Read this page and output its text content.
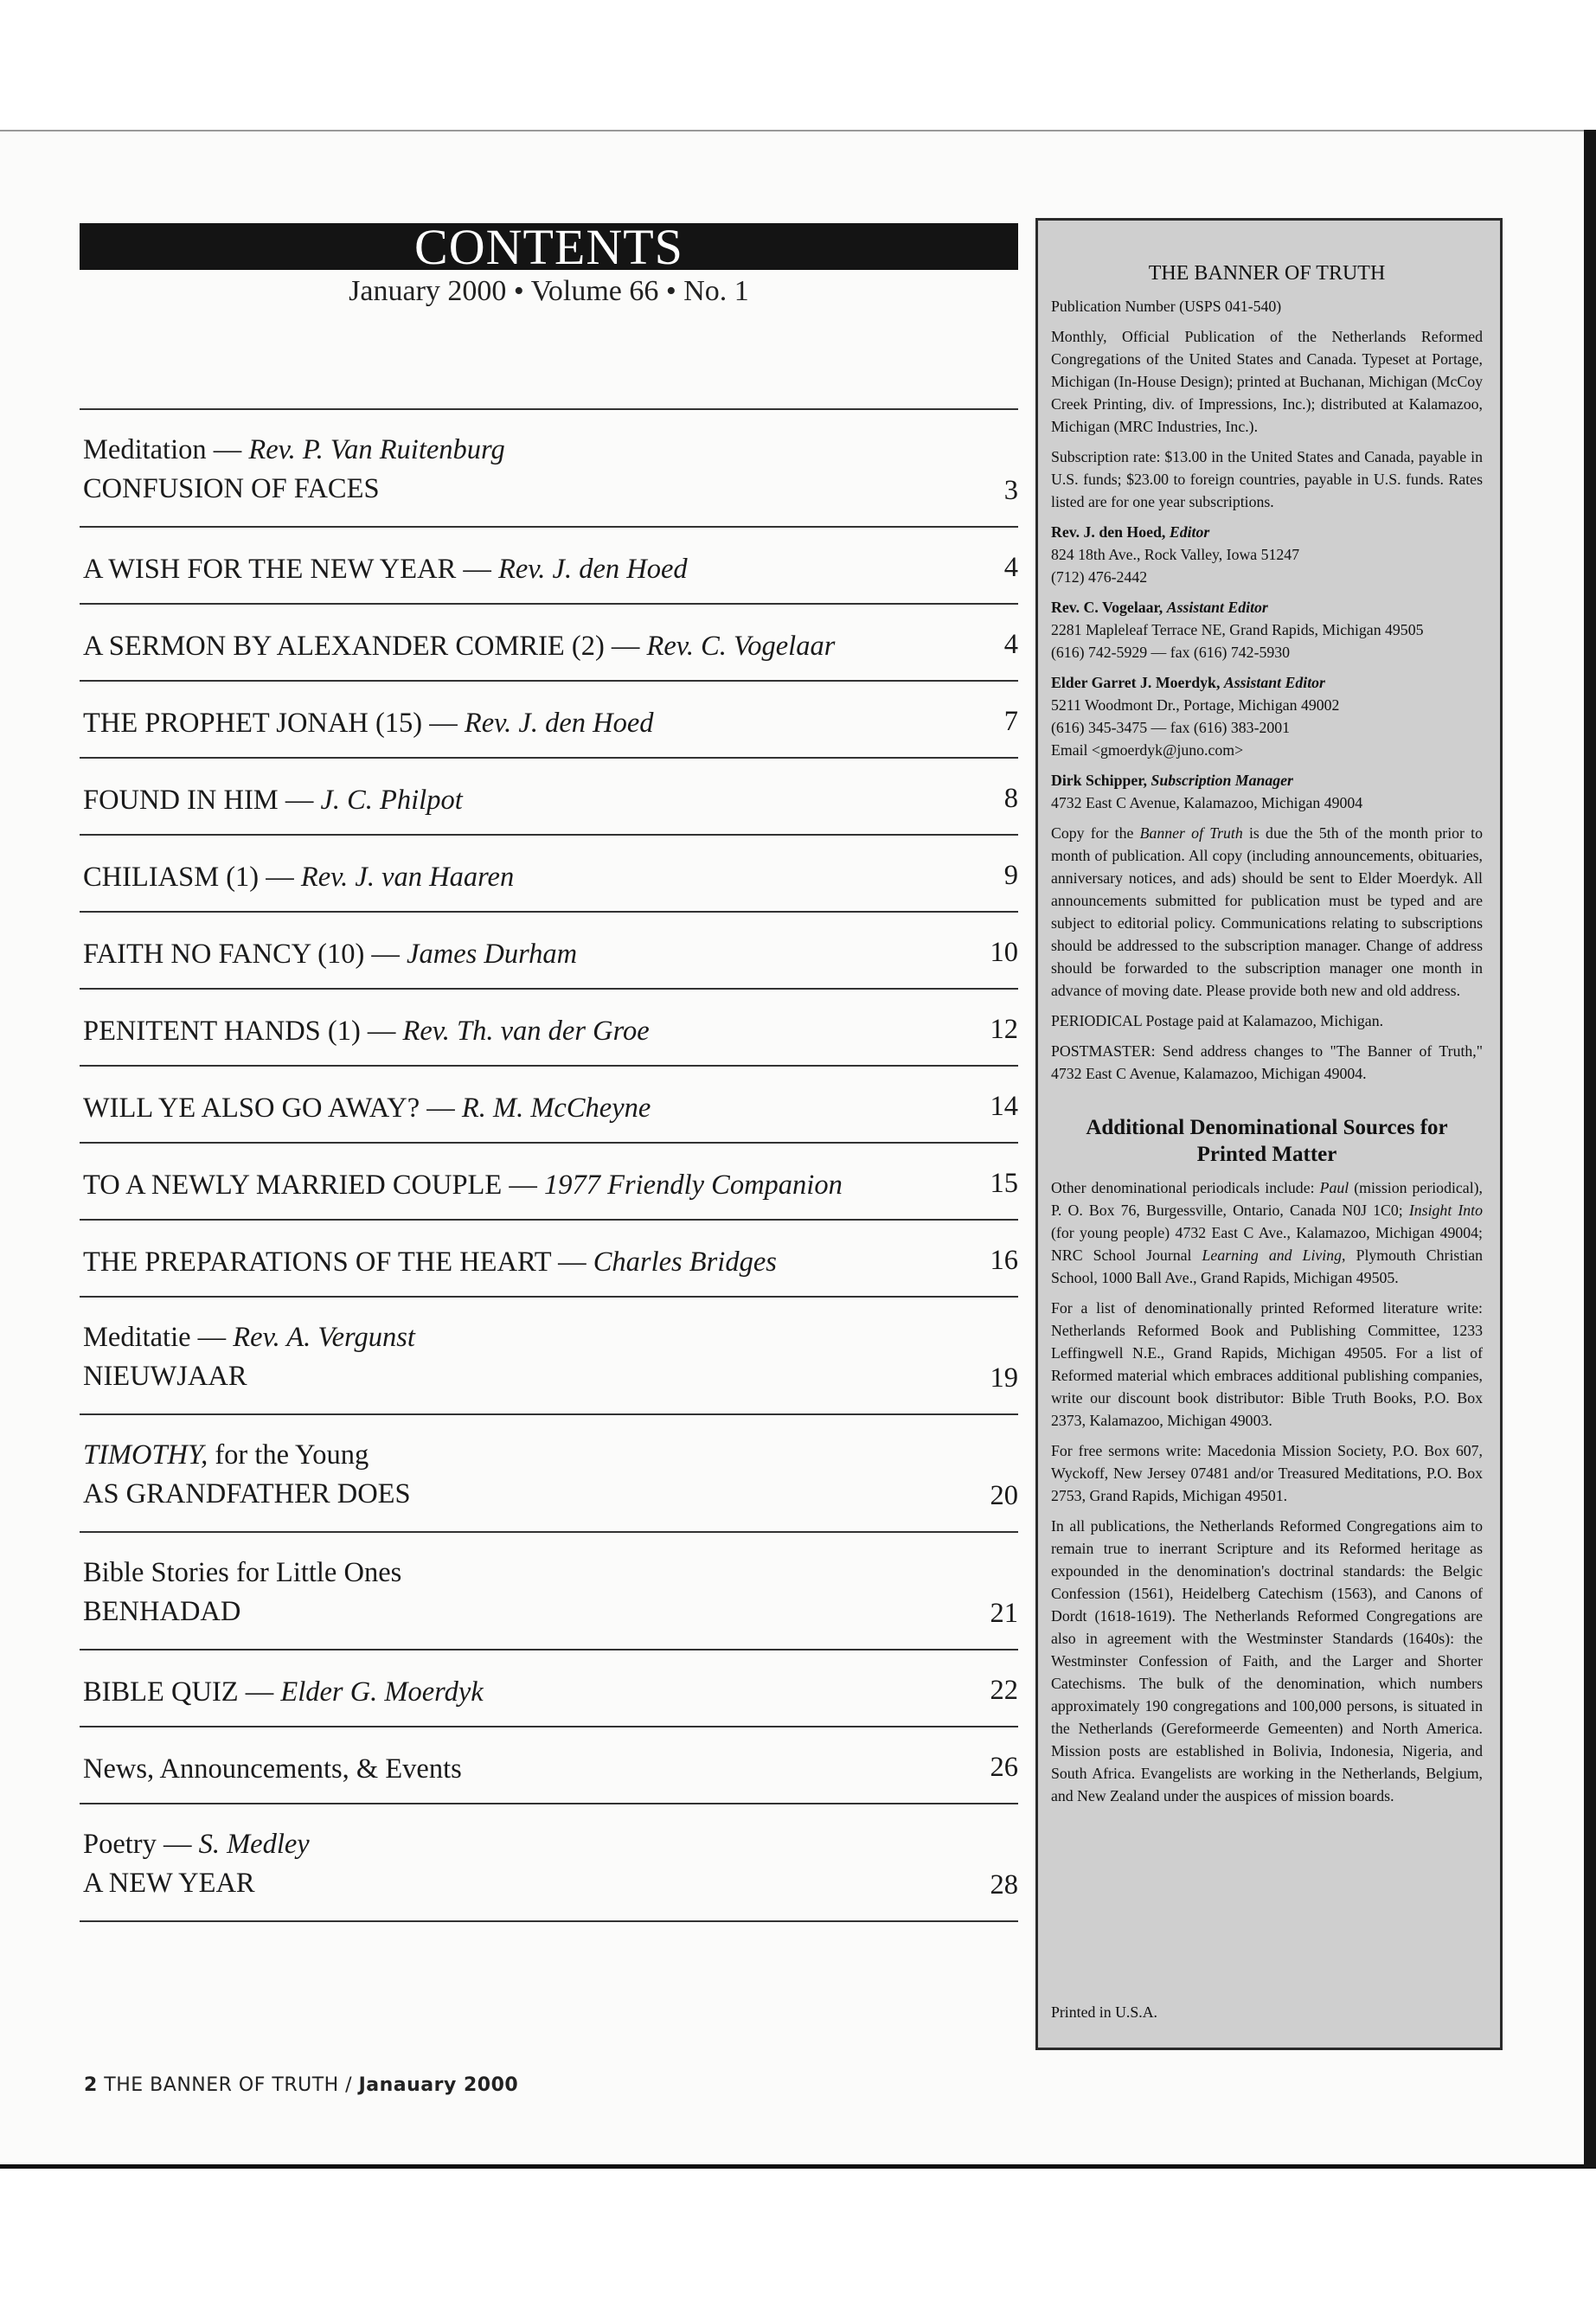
CONTENTS
January 2000 • Volume 66 • No. 1
Meditation — Rev. P. Van Ruitenburg
CONFUSION OF FACES	3
A WISH FOR THE NEW YEAR — Rev. J. den Hoed	4
A SERMON BY ALEXANDER COMRIE (2) — Rev. C. Vogelaar	4
THE PROPHET JONAH (15) — Rev. J. den Hoed	7
FOUND IN HIM — J. C. Philpot	8
CHILIASM (1) — Rev. J. van Haaren	9
FAITH NO FANCY (10) — James Durham	10
PENITENT HANDS (1) — Rev. Th. van der Groe	12
WILL YE ALSO GO AWAY? — R. M. McCheyne	14
TO A NEWLY MARRIED COUPLE — 1977 Friendly Companion	15
THE PREPARATIONS OF THE HEART — Charles Bridges	16
Meditatie — Rev. A. Vergunst
NIEUWJAAR	19
TIMOTHY, for the Young
AS GRANDFATHER DOES	20
Bible Stories for Little Ones
BENHADAD	21
BIBLE QUIZ — Elder G. Moerdyk	22
News, Announcements, & Events	26
Poetry — S. Medley
A NEW YEAR	28
THE BANNER OF TRUTH

Publication Number (USPS 041-540)

Monthly, Official Publication of the Netherlands Reformed Congregations of the United States and Canada. Typeset at Portage, Michigan (In-House Design); printed at Buchanan, Michigan (McCoy Creek Printing, div. of Impressions, Inc.); distributed at Kalamazoo, Michigan (MRC Industries, Inc.).

Subscription rate: $13.00 in the United States and Canada, payable in U.S. funds; $23.00 to foreign countries, payable in U.S. funds. Rates listed are for one year subscriptions.

Rev. J. den Hoed, Editor
824 18th Ave., Rock Valley, Iowa 51247
(712) 476-2442

Rev. C. Vogelaar, Assistant Editor
2281 Mapleleaf Terrace NE, Grand Rapids, Michigan 49505
(616) 742-5929 — fax (616) 742-5930

Elder Garret J. Moerdyk, Assistant Editor
5211 Woodmont Dr., Portage, Michigan 49002
(616) 345-3475 — fax (616) 383-2001
Email <gmoerdyk@juno.com>

Dirk Schipper, Subscription Manager
4732 East C Avenue, Kalamazoo, Michigan 49004

Copy for the Banner of Truth is due the 5th of the month prior to month of publication. All copy (including announcements, obituaries, anniversary notices, and ads) should be sent to Elder Moerdyk. All announcements submitted for publication must be typed and are subject to editorial policy. Communications relating to subscriptions should be addressed to the subscription manager. Change of address should be forwarded to the subscription manager one month in advance of moving date. Please provide both new and old address.

PERIODICAL Postage paid at Kalamazoo, Michigan.

POSTMASTER: Send address changes to "The Banner of Truth," 4732 East C Avenue, Kalamazoo, Michigan 49004.

Additional Denominational Sources for Printed Matter

Other denominational periodicals include: Paul (mission periodical), P. O. Box 76, Burgessville, Ontario, Canada N0J 1C0; Insight Into (for young people) 4732 East C Ave., Kalamazoo, Michigan 49004; NRC School Journal Learning and Living, Plymouth Christian School, 1000 Ball Ave., Grand Rapids, Michigan 49505.

For a list of denominationally printed Reformed literature write: Netherlands Reformed Book and Publishing Committee, 1233 Leffingwell N.E., Grand Rapids, Michigan 49505. For a list of Reformed material which embraces additional publishing companies, write our discount book distributor: Bible Truth Books, P.O. Box 2373, Kalamazoo, Michigan 49003.

For free sermons write: Macedonia Mission Society, P.O. Box 607, Wyckoff, New Jersey 07481 and/or Treasured Meditations, P.O. Box 2753, Grand Rapids, Michigan 49501.

In all publications, the Netherlands Reformed Congregations aim to remain true to inerrant Scripture and its Reformed heritage as expounded in the denomination's doctrinal standards: the Belgic Confession (1561), Heidelberg Catechism (1563), and Canons of Dordt (1618-1619). The Netherlands Reformed Congregations are also in agreement with the Westminster Standards (1640s): the Westminster Confession of Faith, and the Larger and Shorter Catechisms. The bulk of the denomination, which numbers approximately 190 congregations and 100,000 persons, is situated in the Netherlands (Gereformeerde Gemeenten) and North America. Mission posts are established in Bolivia, Indonesia, Nigeria, and South Africa. Evangelists are working in the Netherlands, Belgium, and New Zealand under the auspices of mission boards.

Printed in U.S.A.
2 THE BANNER OF TRUTH / Janauary 2000
